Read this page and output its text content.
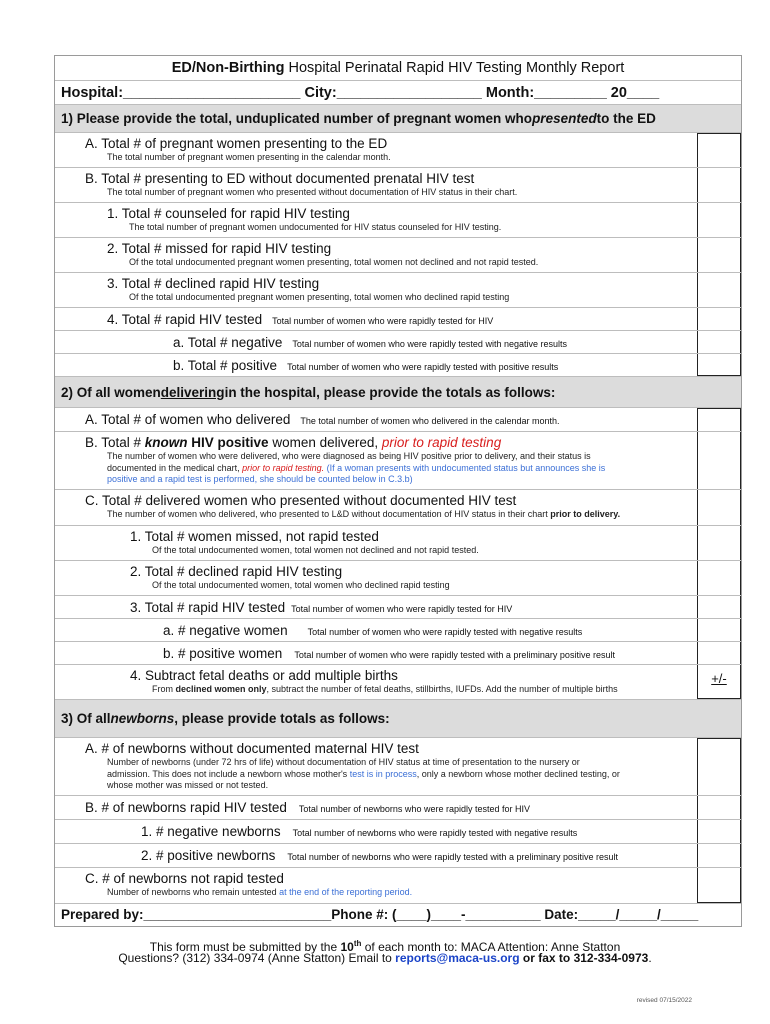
ED/Non-Birthing Hospital Perinatal Rapid HIV Testing Monthly Report
Hospital:______________________ City:__________________ Month:_________ 20____
1) Please provide the total, unduplicated number of pregnant women who presented to the ED
A. Total # of pregnant women presenting to the ED
The total number of pregnant women presenting in the calendar month.
B. Total # presenting to ED without documented prenatal HIV test
The total number of pregnant women who presented without documentation of HIV status in their chart.
1. Total # counseled for rapid HIV testing
The total number of pregnant women undocumented for HIV status counseled for HIV testing.
2. Total # missed for rapid HIV testing
Of the total undocumented pregnant women presenting, total women not declined and not rapid tested.
3. Total # declined rapid HIV testing
Of the total undocumented pregnant women presenting, total women who declined rapid testing
4. Total # rapid HIV tested Total number of women who were rapidly tested for HIV
a. Total # negative Total number of women who were rapidly tested with negative results
b. Total # positive Total number of women who were rapidly tested with positive results
2) Of all women delivering in the hospital, please provide the totals as follows:
A. Total # of women who delivered The total number of women who delivered in the calendar month.
B. Total # known HIV positive women delivered, prior to rapid testing
The number of women who were delivered, who were diagnosed as being HIV positive prior to delivery, and their status is
documented in the medical chart, prior to rapid testing. (If a woman presents with undocumented status but announces she is
positive and a rapid test is performed, she should be counted below in C.3.b)
C. Total # delivered women who presented without documented HIV test
The number of women who delivered, who presented to L&D without documentation of HIV status in their chart prior to delivery.
1. Total # women missed, not rapid tested
Of the total undocumented women, total women not declined and not rapid tested.
2. Total # declined rapid HIV testing
Of the total undocumented women, total women who declined rapid testing
3. Total # rapid HIV tested Total number of women who were rapidly tested for HIV
a. # negative women Total number of women who were rapidly tested with negative results
b. # positive women Total number of women who were rapidly tested with a preliminary positive result
4. Subtract fetal deaths or add multiple births
From declined women only, subtract the number of fetal deaths, stillbirths, IUFDs. Add the number of multiple births
+/-
3) Of all newborns , please provide totals as follows:
A. # of newborns without documented maternal HIV test
Number of newborns (under 72 hrs of life) without documentation of HIV status at time of presentation to the nursery or
admission. This does not include a newborn whose mother's test is in process, only a newborn whose mother declined testing, or
whose mother was missed or not tested.
B. # of newborns rapid HIV tested Total number of newborns who were rapidly tested for HIV
1. # negative newborns Total number of newborns who were rapidly tested with negative results
2. # positive newborns Total number of newborns who were rapidly tested with a preliminary positive result
C. # of newborns not rapid tested
Number of newborns who remain untested at the end of the reporting period.
Prepared by:_________________________Phone #: (____)____-__________ Date:_____/_____/_____
This form must be submitted by the 10th of each month to: MACA Attention: Anne Statton
Questions? (312) 334-0974 (Anne Statton) Email to reports@maca-us.org or fax to 312-334-0973.
revised 07/15/2022
